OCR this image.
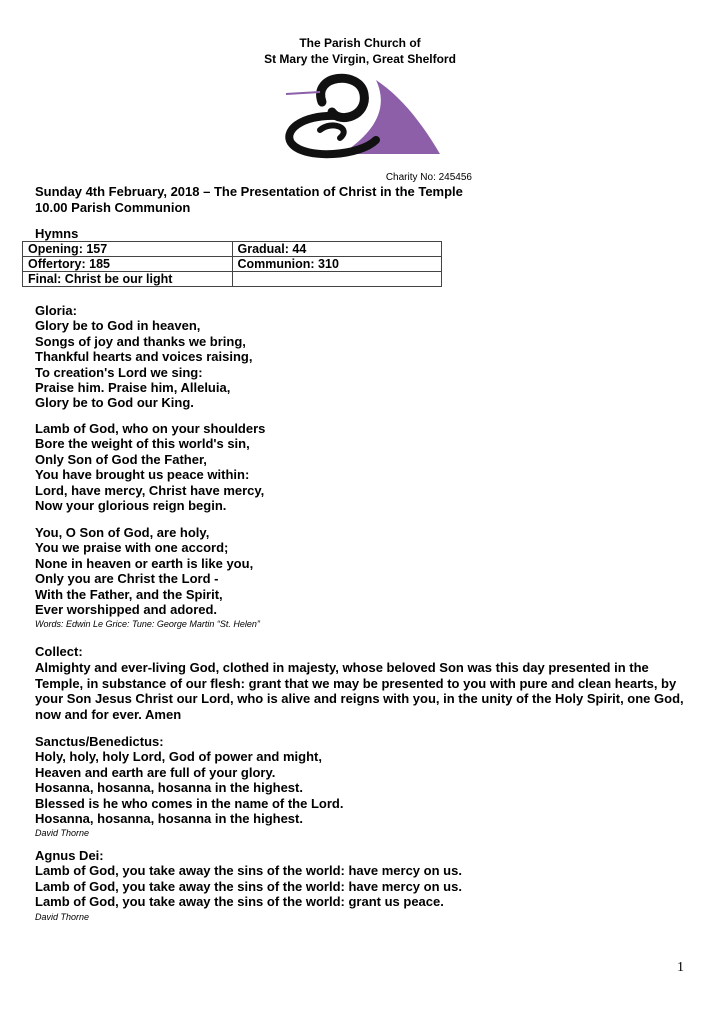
The Parish Church of
St Mary the Virgin, Great Shelford
Charity No: 245456
Sunday 4th February, 2018 – The Presentation of Christ in the Temple
10.00 Parish Communion
Hymns
Opening: 157	Gradual: 44
Offertory: 185	Communion: 310
Final: Christ be our light	
Gloria:
Glory be to God in heaven,
Songs of joy and thanks we bring,
Thankful hearts and voices raising,
To creation's Lord we sing:
Praise him. Praise him, Alleluia,
Glory be to God our King.
Lamb of God, who on your shoulders
Bore the weight of this world's sin,
Only Son of God the Father,
You have brought us peace within:
Lord, have mercy, Christ have mercy,
Now your glorious reign begin.
You, O Son of God, are holy,
You we praise with one accord;
None in heaven or earth is like you,
Only you are Christ the Lord -
With the Father, and the Spirit,
Ever worshipped and adored.
Words: Edwin Le Grice: Tune: George Martin “St. Helen”
Collect:
Almighty and ever-living God, clothed in majesty, whose beloved Son was this day presented in the Temple, in substance of our flesh: grant that we may be presented to you with pure and clean hearts, by your Son Jesus Christ our Lord, who is alive and reigns with you, in the unity of the Holy Spirit, one God, now and for ever. Amen
Sanctus/Benedictus:
Holy, holy, holy Lord, God of power and might,
Heaven and earth are full of your glory.
Hosanna, hosanna, hosanna in the highest.
Blessed is he who comes in the name of the Lord.
Hosanna, hosanna, hosanna in the highest.
David Thorne
Agnus Dei:
Lamb of God, you take away the sins of the world: have mercy on us.
Lamb of God, you take away the sins of the world: have mercy on us.
Lamb of God, you take away the sins of the world: grant us peace.
David Thorne
1
